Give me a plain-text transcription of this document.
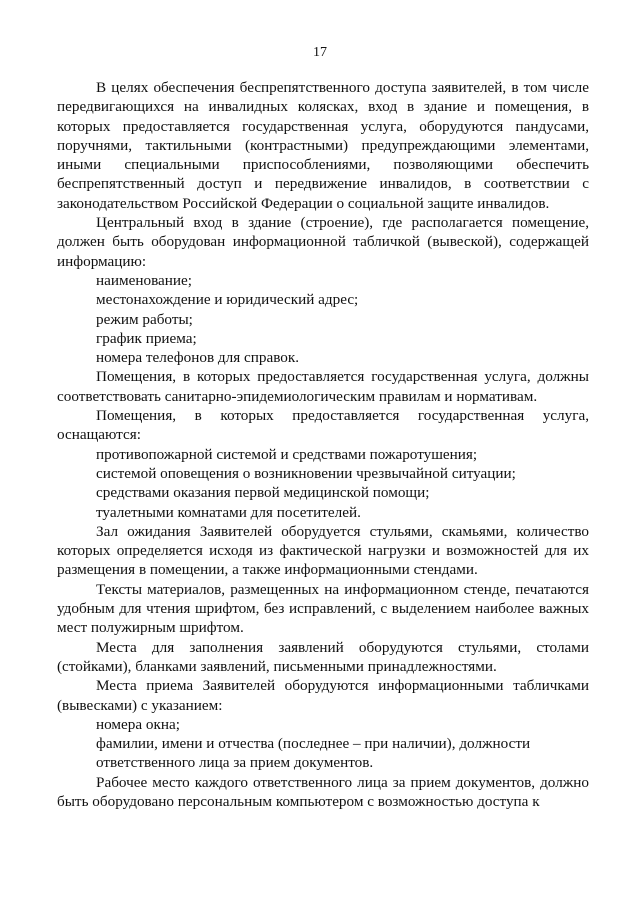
17

В целях обеспечения беспрепятственного доступа заявителей, в том числе передвигающихся на инвалидных колясках, вход в здание и помещения, в которых предоставляется государственная услуга, оборудуются пандусами, поручнями, тактильными (контрастными) предупреждающими элементами, иными специальными приспособлениями, позволяющими обеспечить беспрепятственный доступ и передвижение инвалидов, в соответствии с законодательством Российской Федерации о социальной защите инвалидов.

Центральный вход в здание (строение), где располагается помещение, должен быть оборудован информационной табличкой (вывеской), содержащей информацию:

наименование;

местонахождение и юридический адрес;

режим работы;

график приема;

номера телефонов для справок.

Помещения, в которых предоставляется государственная услуга, должны соответствовать санитарно-эпидемиологическим правилам и нормативам.

Помещения, в которых предоставляется государственная услуга, оснащаются:

противопожарной системой и средствами пожаротушения;

системой оповещения о возникновении чрезвычайной ситуации;

средствами оказания первой медицинской помощи;

туалетными комнатами для посетителей.

Зал ожидания Заявителей оборудуется стульями, скамьями, количество которых определяется исходя из фактической нагрузки и возможностей для их размещения в помещении, а также информационными стендами.

Тексты материалов, размещенных на информационном стенде, печатаются удобным для чтения шрифтом, без исправлений, с выделением наиболее важных мест полужирным шрифтом.

Места для заполнения заявлений оборудуются стульями, столами (стойками), бланками заявлений, письменными принадлежностями.

Места приема Заявителей оборудуются информационными табличками (вывесками) с указанием:

номера окна;

фамилии, имени и отчества (последнее – при наличии), должности ответственного лица за прием документов.

Рабочее место каждого ответственного лица за прием документов, должно быть оборудовано персональным компьютером с возможностью доступа к
